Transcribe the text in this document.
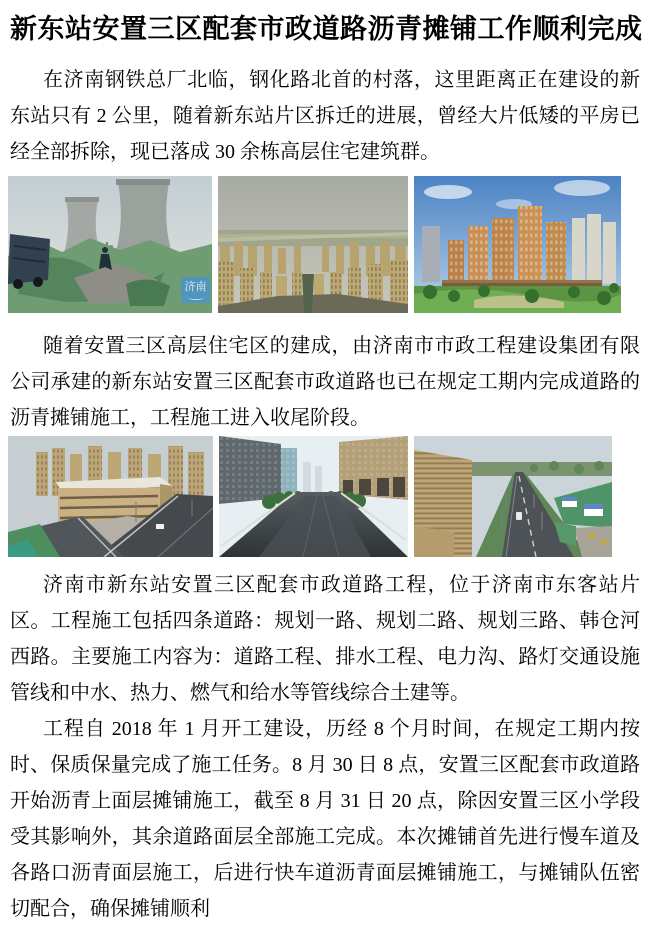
新东站安置三区配套市政道路沥青摊铺工作顺利完成

在济南钢铁总厂北临，钢化路北首的村落，这里距离正在建设的新东站只有 2 公里，随着新东站片区拆迁的进展，曾经大片低矮的平房已经全部拆除，现已落成 30 余栋高层住宅建筑群。

济南

随着安置三区高层住宅区的建成，由济南市市政工程建设集团有限公司承建的新东站安置三区配套市政道路也已在规定工期内完成道路的沥青摊铺施工，工程施工进入收尾阶段。

济南市新东站安置三区配套市政道路工程，位于济南市东客站片区。工程施工包括四条道路：规划一路、规划二路、规划三路、韩仓河西路。主要施工内容为：道路工程、排水工程、电力沟、路灯交通设施管线和中水、热力、燃气和给水等管线综合土建等。

工程自 2018 年 1 月开工建设，历经 8 个月时间，在规定工期内按时、保质保量完成了施工任务。8 月 30 日 8 点，安置三区配套市政道路开始沥青上面层摊铺施工，截至 8 月 31 日 20 点，除因安置三区小学段受其影响外，其余道路面层全部施工完成。本次摊铺首先进行慢车道及各路口沥青面层施工，后进行快车道沥青面层摊铺施工，与摊铺队伍密切配合，确保摊铺顺利
